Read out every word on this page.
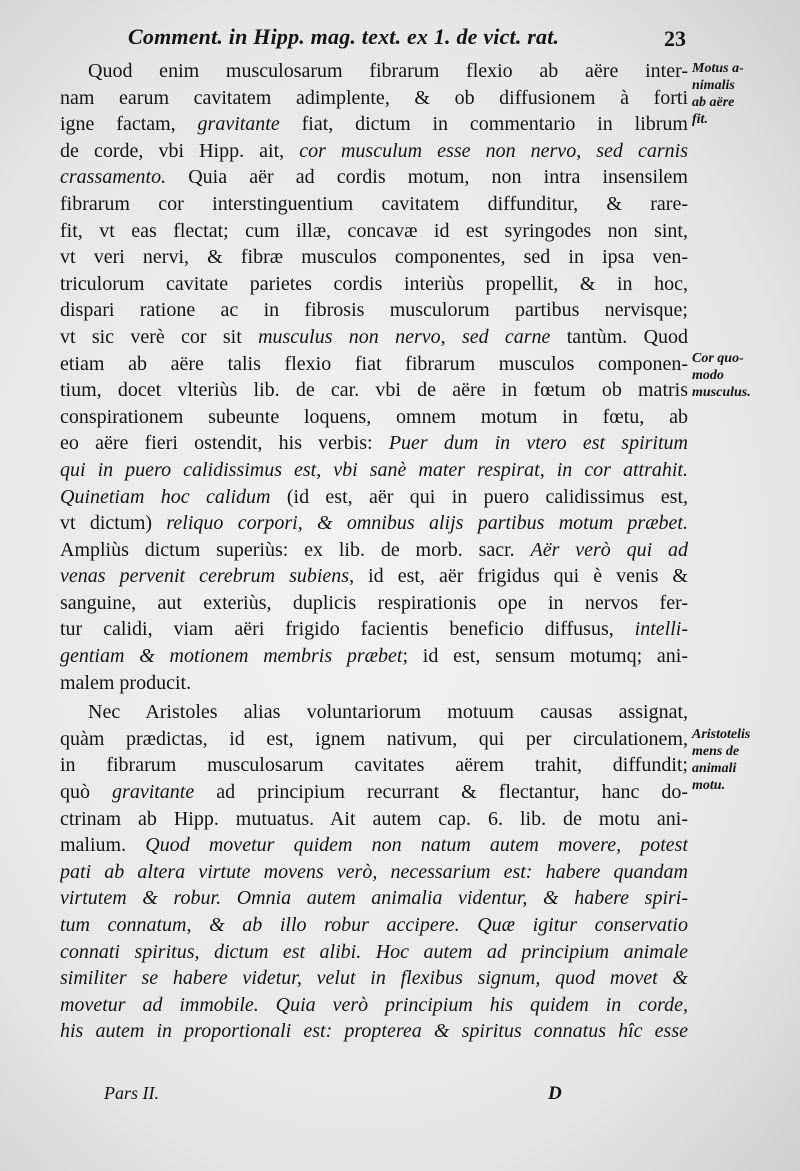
Comment. in Hipp. mag. text. ex 1. de vict. rat.	23
Quod enim musculosarum fibrarum flexio ab aëre inter-
nam earum cavitatem adimplente, & ob diffusionem à forti
igne factam, gravitante fiat, dictum in commentario in librum
de corde, vbi Hipp. ait, cor musculum esse non nervo, sed carnis
crassamento. Quia aër ad cordis motum, non intra insensilem
fibrarum cor interstinguentium cavitatem diffunditur, & rare-
fit, vt eas flectat; cum illæ, concavæ id est syringodes non sint,
vt veri nervi, & fibræ musculos componentes, sed in ipsa ven-
triculorum cavitate parietes cordis interiùs propellit, & in hoc,
dispari ratione ac in fibrosis musculorum partibus nervisque;
vt sic verè cor sit musculus non nervo, sed carne tantùm. Quod
etiam ab aëre talis flexio fiat fibrarum musculos componen-
tium, docet vlteriùs lib. de car. vbi de aëre in fœtum ob matris
conspirationem subeunte loquens, omnem motum in fœtu, ab
eo aëre fieri ostendit, his verbis: Puer dum in vtero est spiritum
qui in puero calidissimus est, vbi sanè mater respirat, in cor attrahit.
Quinetiam hoc calidum (id est, aër qui in puero calidissimus est,
vt dictum) reliquo corpori, & omnibus alijs partibus motum præbet.
Ampliùs dictum superiùs: ex lib. de morb. sacr. Aër verò qui ad
venas pervenit cerebrum subiens, id est, aër frigidus qui è venis &
sanguine, aut exteriùs, duplicis respirationis ope in nervos fer-
tur calidi, viam aëri frigido facientis beneficio diffusus, intelli-
gentiam & motionem membris præbet; id est, sensum motumq; ani-
malem producit.
Nec Aristoles alias voluntariorum motuum causas assignat,
quàm prædictas, id est, ignem nativum, qui per circulationem,
in fibrarum musculosarum cavitates aërem trahit, diffundit;
quò gravitante ad principium recurrant & flectantur, hanc do-
ctrinam ab Hipp. mutuatus. Ait autem cap. 6. lib. de motu ani-
malium. Quod movetur quidem non natum autem movere, potest
pati ab altera virtute movens verò, necessarium est: habere quandam
virtutem & robur. Omnia autem animalia videntur, & habere spiri-
tum connatum, & ab illo robur accipere. Quæ igitur conservatio
connati spiritus, dictum est alibi. Hoc autem ad principium animale
similiter se habere videtur, velut in flexibus signum, quod movet &
movetur ad immobile. Quia verò principium his quidem in corde,
his autem in proportionali est: propterea & spiritus connatus hîc esse
Motus a-
nimalis
ab aëre
fit.
Cor quo-
modo
musculus.
Aristotelis
mens de
animali
motu.
Pars II.	D
